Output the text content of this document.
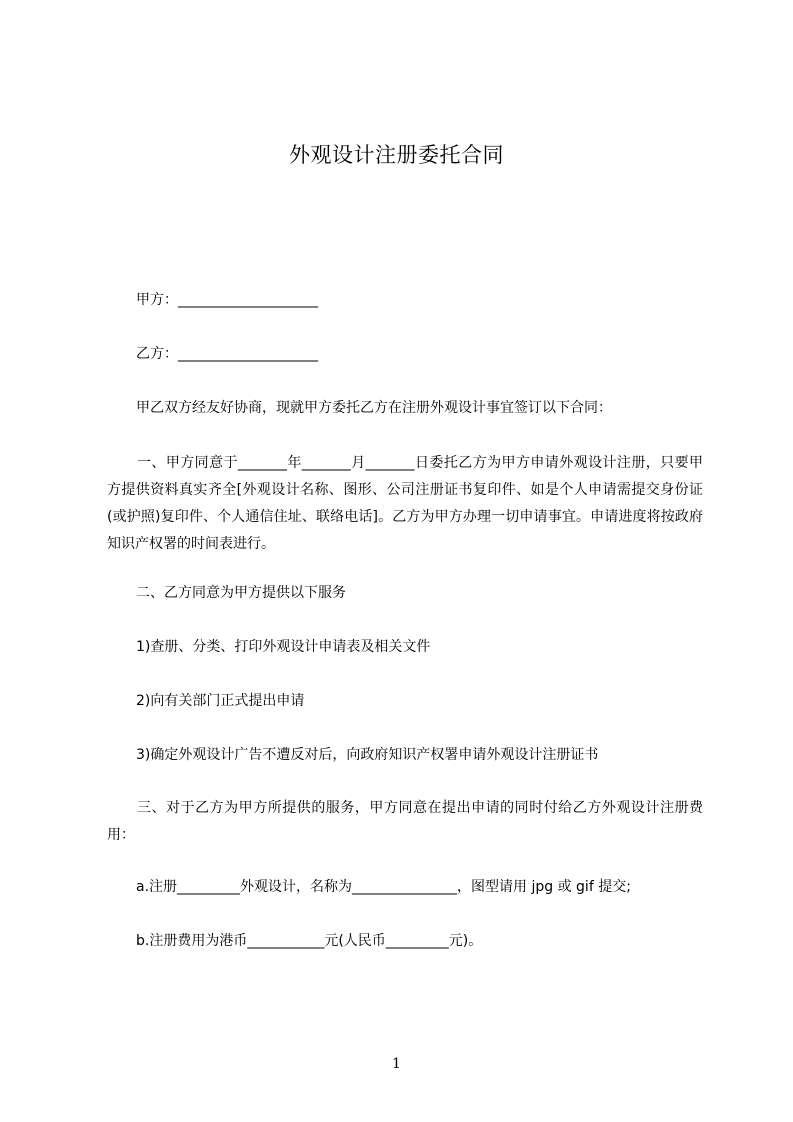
外观设计注册委托合同
甲方：____________________
乙方：____________________
甲乙双方经友好协商，现就甲方委托乙方在注册外观设计事宜签订以下合同：
一、甲方同意于_______年_______月_______日委托乙方为甲方申请外观设计注册，只要甲方提供资料真实齐全[外观设计名称、图形、公司注册证书复印件、如是个人申请需提交身份证(或护照)复印件、个人通信住址、联络电话]。乙方为甲方办理一切申请事宜。申请进度将按政府知识产权署的时间表进行。
二、乙方同意为甲方提供以下服务
1)查册、分类、打印外观设计申请表及相关文件
2)向有关部门正式提出申请
3)确定外观设计广告不遭反对后，向政府知识产权署申请外观设计注册证书
三、对于乙方为甲方所提供的服务，甲方同意在提出申请的同时付给乙方外观设计注册费用：
a.注册_________外观设计，名称为_______________，图型请用 jpg 或 gif 提交;
b.注册费用为港币___________元(人民币_________元)。
1
